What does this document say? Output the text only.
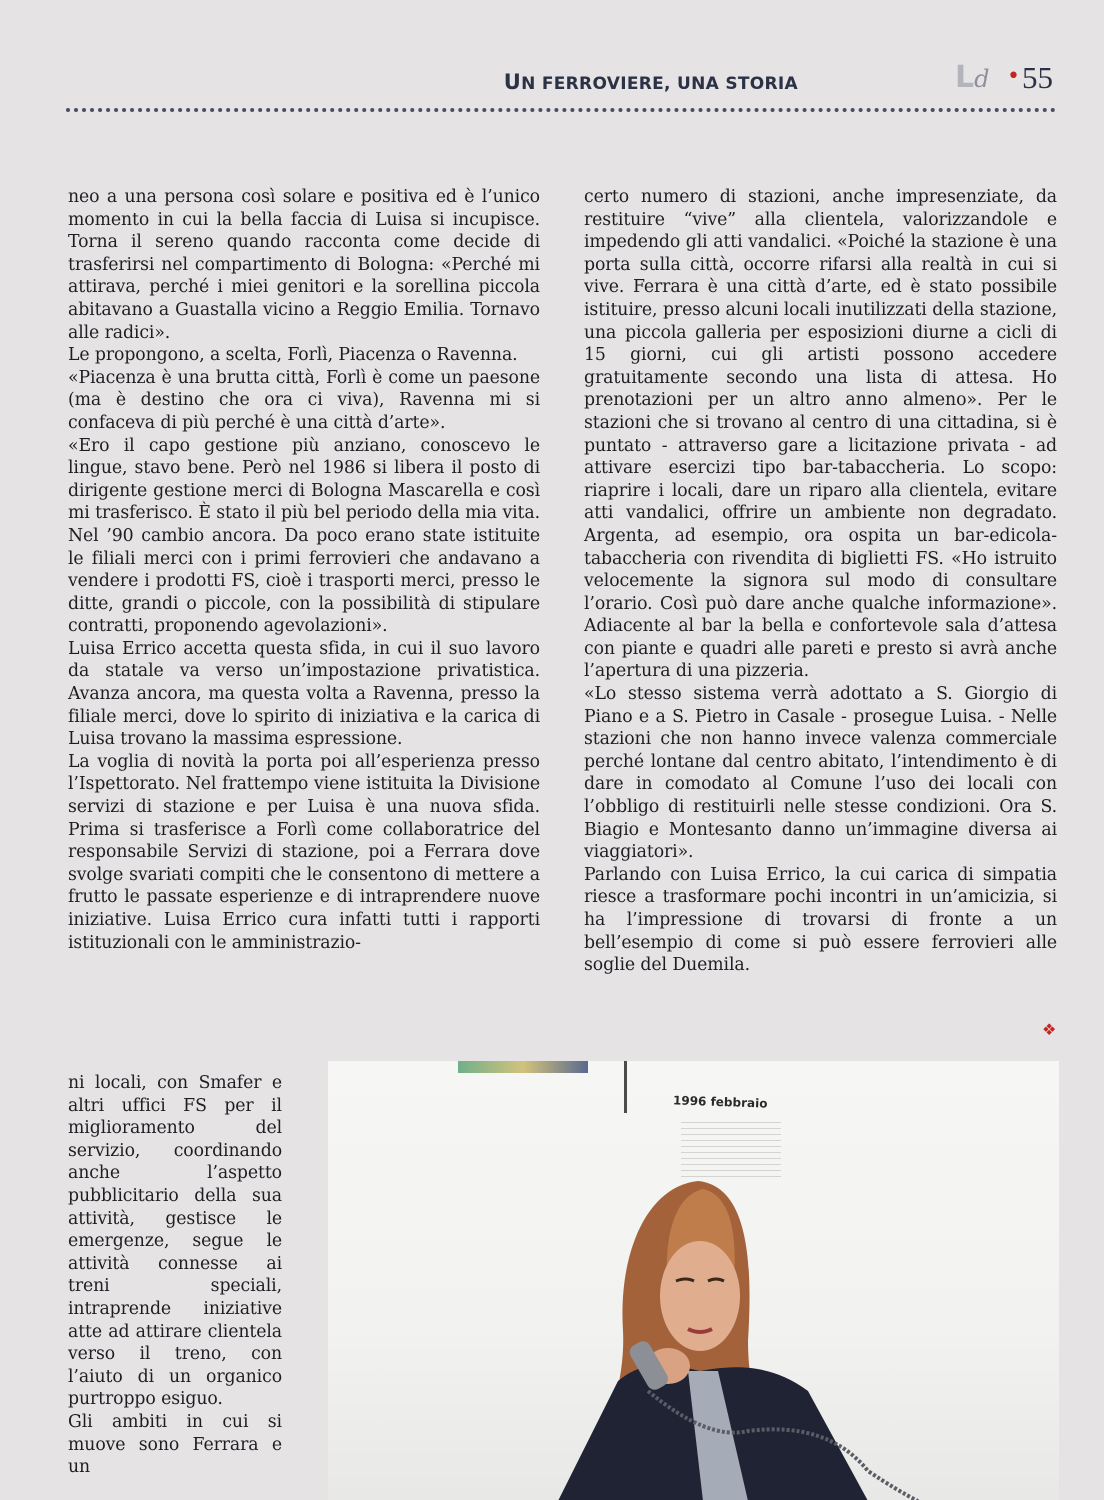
UN FERROVIERE, UNA STORIA	Ld • 55

neo a una persona così solare e positiva ed è l’unico momento in cui la bella faccia di Luisa si incupisce. Torna il sereno quando racconta come decide di trasferirsi nel compartimento di Bologna: «Perché mi attirava, perché i miei genitori e la sorellina piccola abitavano a Guastalla vicino a Reggio Emilia. Tornavo alle radici».

Le propongono, a scelta, Forlì, Piacenza o Ravenna.

«Piacenza è una brutta città, Forlì è come un paesone (ma è destino che ora ci viva), Ravenna mi si confaceva di più perché è una città d’arte».

«Ero il capo gestione più anziano, conoscevo le lingue, stavo bene. Però nel 1986 si libera il posto di dirigente gestione merci di Bologna Mascarella e così mi trasferisco. È stato il più bel periodo della mia vita. Nel ’90 cambio ancora. Da poco erano state istituite le filiali merci con i primi ferrovieri che andavano a vendere i prodotti FS, cioè i trasporti merci, presso le ditte, grandi o piccole, con la possibilità di stipulare contratti, proponendo agevolazioni».

Luisa Errico accetta questa sfida, in cui il suo lavoro da statale va verso un’impostazione privatistica. Avanza ancora, ma questa volta a Ravenna, presso la filiale merci, dove lo spirito di iniziativa e la carica di Luisa trovano la massima espressione.

La voglia di novità la porta poi all’esperienza presso l’Ispettorato. Nel frattempo viene istituita la Divisione servizi di stazione e per Luisa è una nuova sfida. Prima si trasferisce a Forlì come collaboratrice del responsabile Servizi di stazione, poi a Ferrara dove svolge svariati compiti che le consentono di mettere a frutto le passate esperienze e di intraprendere nuove iniziative. Luisa Errico cura infatti tutti i rapporti istituzionali con le amministrazio-

ni locali, con Smafer e altri uffici FS per il miglioramento del servizio, coordinando anche l’aspetto pubblicitario della sua attività, gestisce le emergenze, segue le attività connesse ai treni speciali, intraprende iniziative atte ad attirare clientela verso il treno, con l’aiuto di un organico purtroppo esiguo.

Gli ambiti in cui si muove sono Ferrara e un

certo numero di stazioni, anche impresenziate, da restituire “vive” alla clientela, valorizzandole e impedendo gli atti vandalici. «Poiché la stazione è una porta sulla città, occorre rifarsi alla realtà in cui si vive. Ferrara è una città d’arte, ed è stato possibile istituire, presso alcuni locali inutilizzati della stazione, una piccola galleria per esposizioni diurne a cicli di 15 giorni, cui gli artisti possono accedere gratuitamente secondo una lista di attesa. Ho prenotazioni per un altro anno almeno». Per le stazioni che si trovano al centro di una cittadina, si è puntato - attraverso gare a licitazione privata - ad attivare esercizi tipo bar-tabaccheria. Lo scopo: riaprire i locali, dare un riparo alla clientela, evitare atti vandalici, offrire un ambiente non degradato. Argenta, ad esempio, ora ospita un bar-edicola-tabaccheria con rivendita di biglietti FS. «Ho istruito velocemente la signora sul modo di consultare l’orario. Così può dare anche qualche informazione». Adiacente al bar la bella e confortevole sala d’attesa con piante e quadri alle pareti e presto si avrà anche l’apertura di una pizzeria.

«Lo stesso sistema verrà adottato a S. Giorgio di Piano e a S. Pietro in Casale - prosegue Luisa. - Nelle stazioni che non hanno invece valenza commerciale perché lontane dal centro abitato, l’intendimento è di dare in comodato al Comune l’uso dei locali con l’obbligo di restituirli nelle stesse condizioni. Ora S. Biagio e Montesanto danno un’immagine diversa ai viaggiatori».

Parlando con Luisa Errico, la cui carica di simpatia riesce a trasformare pochi incontri in un’amicizia, si ha l’impressione di trovarsi di fronte a un bell’esempio di come si può essere ferrovieri alle soglie del Duemila.

❖
1996 febbraio
